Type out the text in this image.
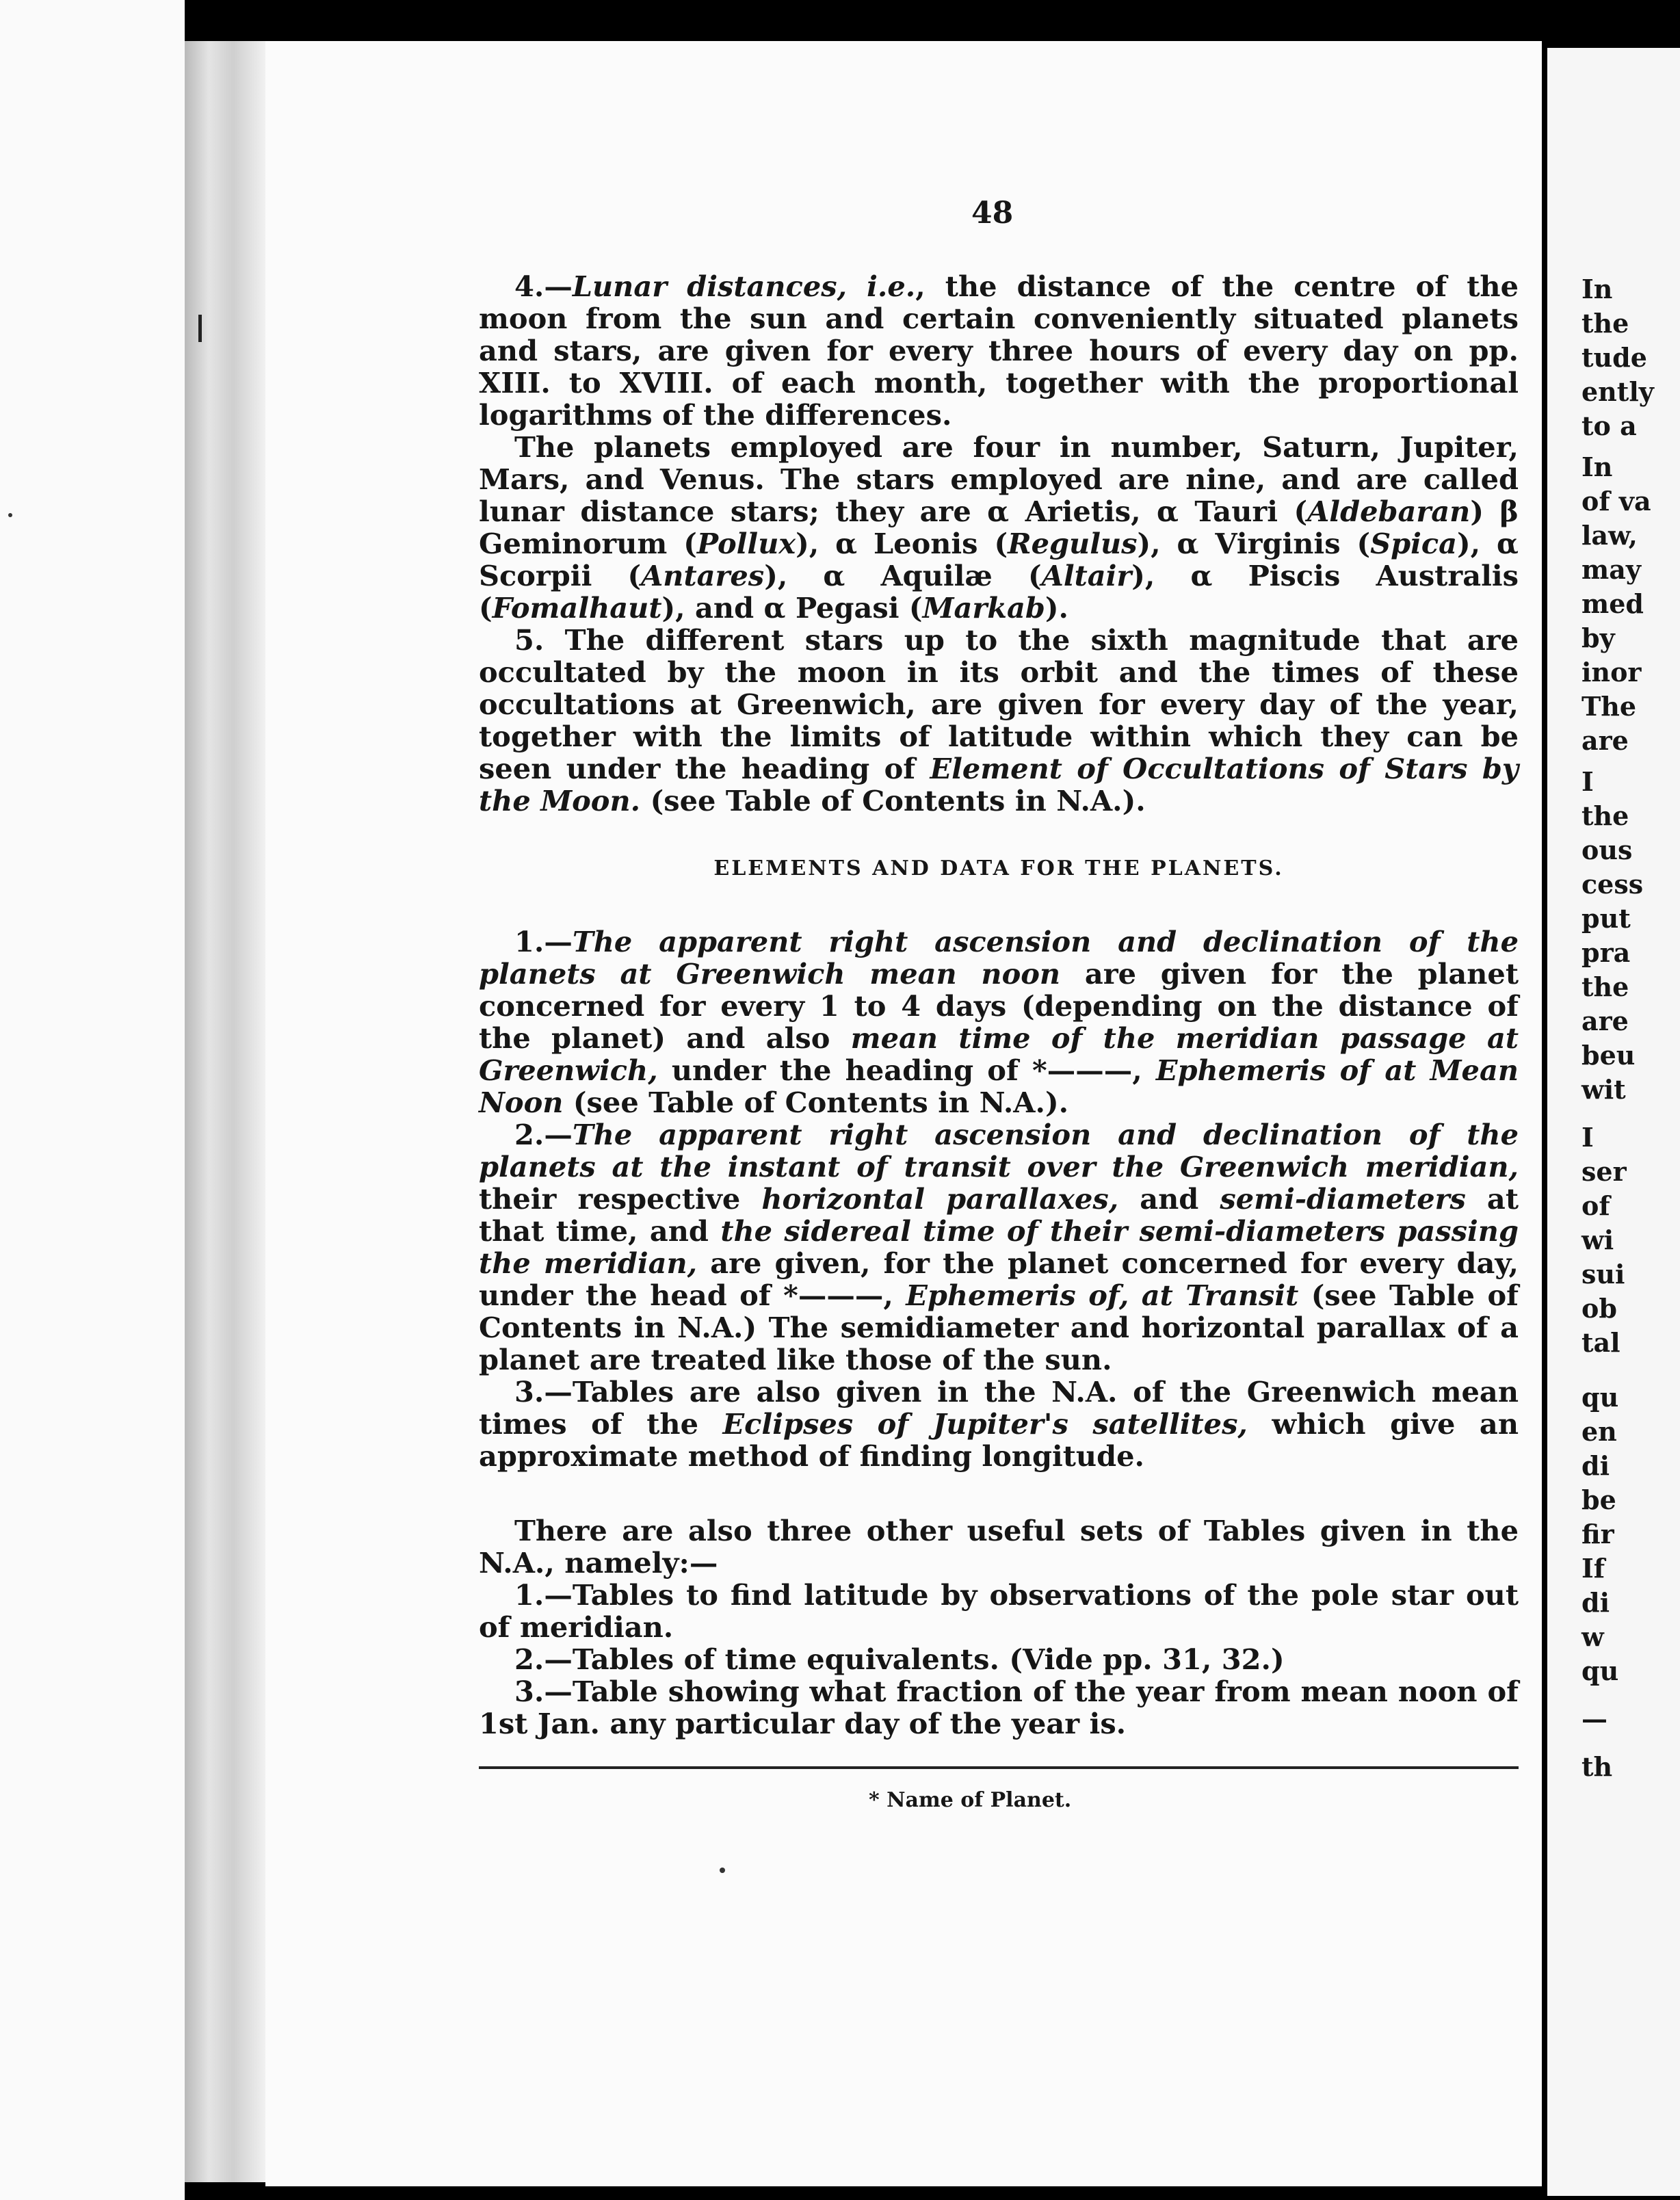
In
the
tude
ently
to a
In
of va
law,
may
med
by
inor
The
are
I
the
ous
cess
put
pra
the
are
beu
wit
I
ser
of
wi
sui
ob
tal
qu
en
di
be
fir
If
di
w
qu
—
th
48

4.—Lunar distances, i.e., the distance of the centre of the moon from the sun and certain conveniently situated planets and stars, are given for every three hours of every day on pp. XIII. to XVIII. of each month, together with the proportional logarithms of the differences.

The planets employed are four in number, Saturn, Jupiter, Mars, and Venus. The stars employed are nine, and are called lunar distance stars; they are α Arietis, α Tauri (Aldebaran) β Geminorum (Pollux), α Leonis (Regulus), α Virginis (Spica), α Scorpii (Antares), α Aquilæ (Altair), α Piscis Australis (Fomalhaut), and α Pegasi (Markab).

5. The different stars up to the sixth magnitude that are occultated by the moon in its orbit and the times of these occultations at Greenwich, are given for every day of the year, together with the limits of latitude within which they can be seen under the heading of Element of Occultations of Stars by the Moon. (see Table of Contents in N.A.).

ELEMENTS AND DATA FOR THE PLANETS.

1.—The apparent right ascension and declination of the planets at Greenwich mean noon are given for the planet concerned for every 1 to 4 days (depending on the distance of the planet) and also mean time of the meridian passage at Greenwich, under the heading of *———, Ephemeris of at Mean Noon (see Table of Contents in N.A.).

2.—The apparent right ascension and declination of the planets at the instant of transit over the Greenwich meridian, their respective horizontal parallaxes, and semi-diameters at that time, and the sidereal time of their semi-diameters passing the meridian, are given, for the planet concerned for every day, under the head of *———, Ephemeris of, at Transit (see Table of Contents in N.A.) The semidiameter and horizontal parallax of a planet are treated like those of the sun.

3.—Tables are also given in the N.A. of the Greenwich mean times of the Eclipses of Jupiter's satellites, which give an approximate method of finding longitude.

There are also three other useful sets of Tables given in the N.A., namely:—

1.—Tables to find latitude by observations of the pole star out of meridian.

2.—Tables of time equivalents. (Vide pp. 31, 32.)

3.—Table showing what fraction of the year from mean noon of 1st Jan. any particular day of the year is.

* Name of Planet.
